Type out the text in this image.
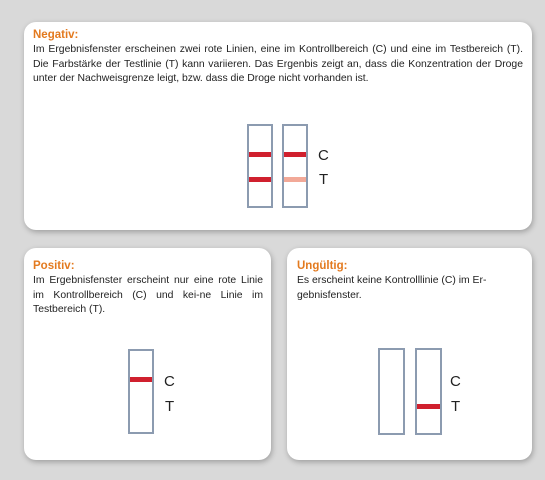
Negativ:
Im Ergebnisfenster erscheinen zwei rote Linien, eine im Kontrollbereich (C) und eine im Testbereich (T). Die Farbstärke der Testlinie (T) kann variieren. Das Ergenbis zeigt an, dass die Konzentration der Droge unter der Nachweisgrenze leigt, bzw. dass die Droge nicht vorhanden ist.
C
T
Positiv:
Im Ergebnisfenster erscheint nur eine rote Linie im Kontrollbereich (C) und kei-ne Linie im Testbereich (T).
C
T
Ungültig:
Es erscheint keine Kontrolllinie (C) im Er-gebnisfenster.
C
T
